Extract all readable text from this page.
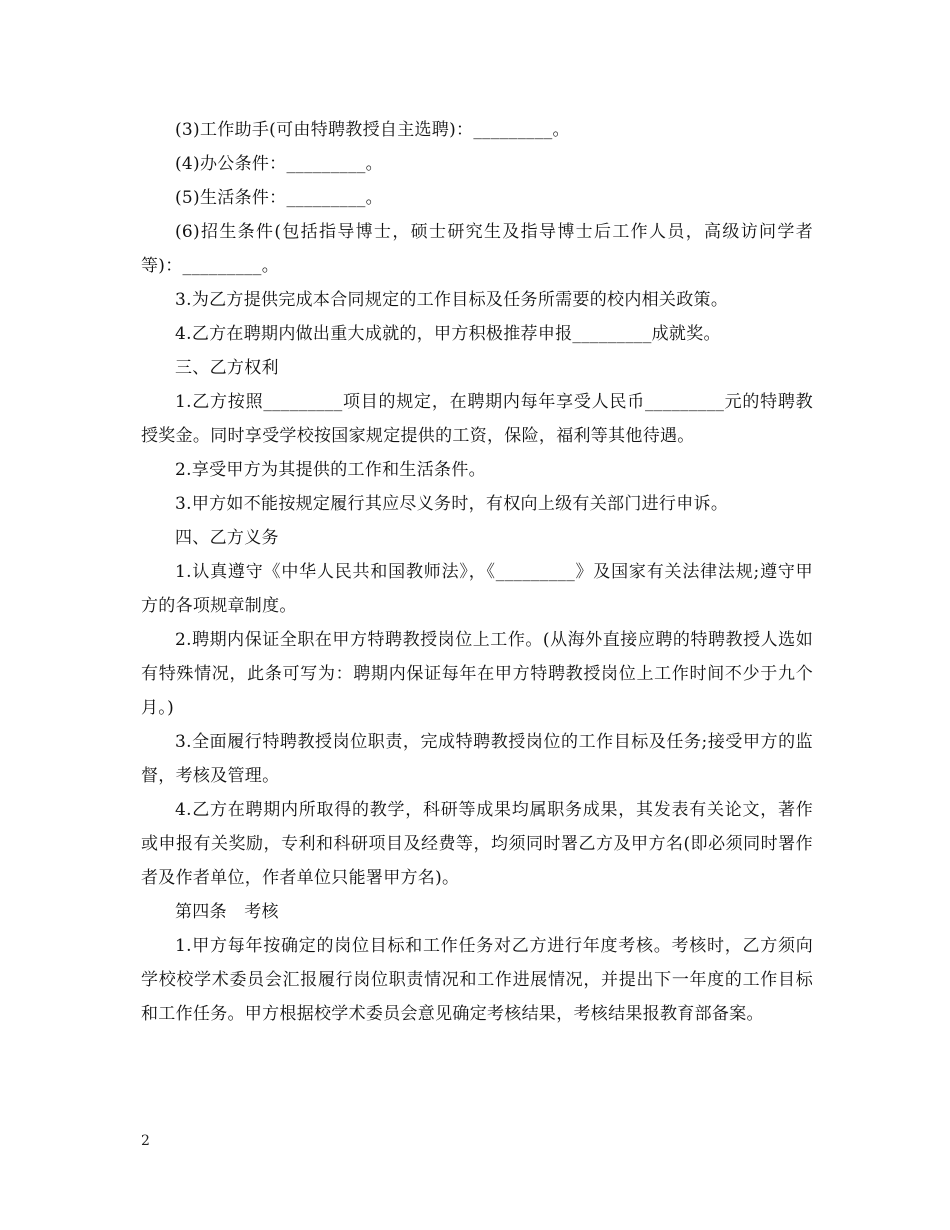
(3)工作助手(可由特聘教授自主选聘)：_________。

(4)办公条件：_________。

(5)生活条件：_________。

(6)招生条件(包括指导博士，硕士研究生及指导博士后工作人员，高级访问学者等)：_________。

3.为乙方提供完成本合同规定的工作目标及任务所需要的校内相关政策。

4.乙方在聘期内做出重大成就的，甲方积极推荐申报_________成就奖。

三、乙方权利

1.乙方按照_________项目的规定，在聘期内每年享受人民币_________元的特聘教授奖金。同时享受学校按国家规定提供的工资，保险，福利等其他待遇。

2.享受甲方为其提供的工作和生活条件。

3.甲方如不能按规定履行其应尽义务时，有权向上级有关部门进行申诉。

四、乙方义务

1.认真遵守《中华人民共和国教师法》，《_________》及国家有关法律法规;遵守甲方的各项规章制度。

2.聘期内保证全职在甲方特聘教授岗位上工作。(从海外直接应聘的特聘教授人选如有特殊情况，此条可写为：聘期内保证每年在甲方特聘教授岗位上工作时间不少于九个月。)

3.全面履行特聘教授岗位职责，完成特聘教授岗位的工作目标及任务;接受甲方的监督，考核及管理。

4.乙方在聘期内所取得的教学，科研等成果均属职务成果，其发表有关论文，著作或申报有关奖励，专利和科研项目及经费等，均须同时署乙方及甲方名(即必须同时署作者及作者单位，作者单位只能署甲方名)。

第四条　考核

1.甲方每年按确定的岗位目标和工作任务对乙方进行年度考核。考核时，乙方须向学校校学术委员会汇报履行岗位职责情况和工作进展情况，并提出下一年度的工作目标和工作任务。甲方根据校学术委员会意见确定考核结果，考核结果报教育部备案。

2
